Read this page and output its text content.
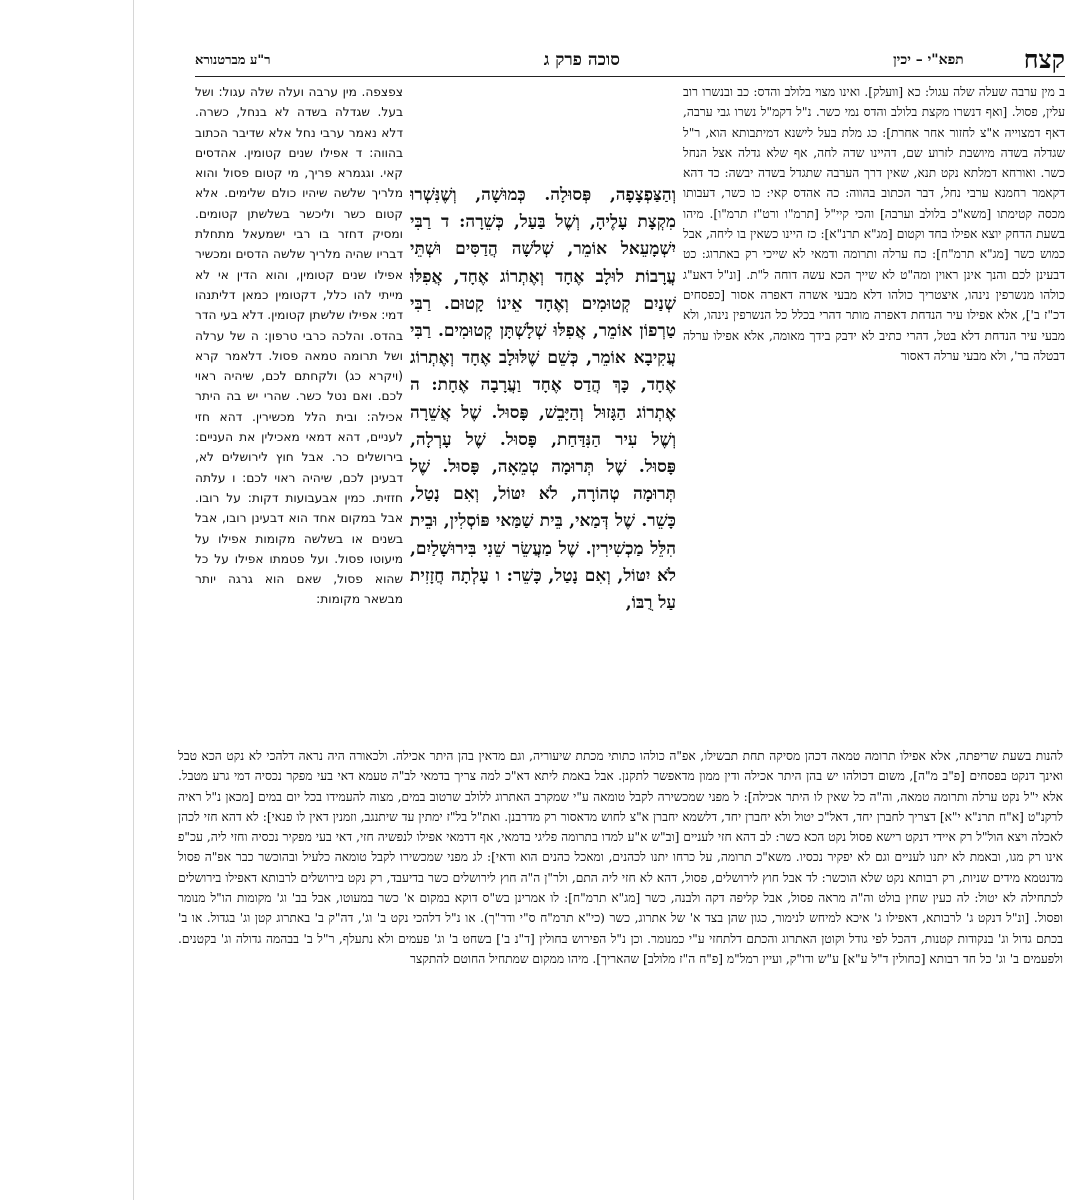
קצח
תפא"י – יכין
סוכה פרק ג
ר"ע מברטנורא
ב מין ערבה שעלה שלה עגול: כא [וועלק]. ואינו מצוי בלולב והדס: כב ובנשרו רוב עלין, פסול. [ואף דנשרו מקצת בלולב והדס נמי כשר. נ"ל דקמ"ל נשרו גבי ערבה, דאף דמצוייה א"צ לחזור אחר אחרת]: כג מלת בעל לישנא דמיתבותא הוא, ר"ל שגדלה בשדה מיושבת לזרוע שם, דהיינו שדה לחה, אף שלא גדלה אצל הנחל כשר. ואורחא דמלתא נקט תנא, שאין דרך הערבה שתגדל בשדה יבשה: כד דהא דקאמר רחמנא ערבי נחל, דבר הכתוב בהווה: כה אהדס קאי: כו כשר, דעבותו מכסה קטימתו [משא"כ בלולב וערבה] והכי קיי"ל [תרמ"ו ורט"ז תרמ"ו]. מיהו בשעת הדחק יוצא אפילו בחד וקטום [מג"א תרנ"א]: כז היינו כשאין בו ליחה, אבל כמוש כשר [מג"א תרמ"ח]: כח ערלה ותרומה ודמאי לא שייכי רק באתרוג: כט דבעינן לכם והנך אינן ראוין ומה"ט לא שייך הכא עשה דוחה ל"ת. [ונ"ל דאע"ג כולהו מנשרפין נינהו, איצטריך כולהו דלא מבעי אשרה דאפרה אסור [כפסחים דכ"ז ב'], אלא אפילו עיר הנדחת דאפרה מותר דהרי בכלל כל הנשרפין נינהו, ולא מבעי עיר הנדחת דלא בטל, דהרי כתיב לא ידבק בידך מאומה, אלא אפילו ערלה דבטלה בר', ולא מבעי ערלה דאסור
וְהַצַּפְצָפָה, פְּסוּלָה. כְּמוּשָׁה, וְשֶׁנִּשְׁרוּ מִקְצָת עָלֶיהָ, וְשֶׁל בַּעַל, כְּשֵׁרָה: ד רַבִּי יִשְׁמָעֵאל אוֹמֵר, שְׁלשָׁה הֲדַסִּים וּשְׁתֵּי עֲרָבוֹת לוּלָב אֶחָד וְאֶתְרוֹג אֶחָד, אֲפִלּוּ שְׁנַיִם קְטוּמִים וְאֶחָד אֵינוֹ קָטוּם. רַבִּי טַרְפוֹן אוֹמֵר, אֲפִלּוּ שְׁלָשְׁתָּן קְטוּמִים. רַבִּי עֲקִיבָא אוֹמֵר, כְּשֵׁם שֶׁלּוּלָב אֶחָד וְאֶתְרוֹג אֶחָד, כָּךְ הֲדַס אֶחָד וַעֲרָבָה אֶחָת: ה אֶתְרוֹג הַגָּזוּל וְהַיָּבֵשׁ, פָּסוּל. שֶׁל אֲשֵׁרָה וְשֶׁל עִיר הַנִּדַּחַת, פָּסוּל. שֶׁל עָרְלָה, פָּסוּל. שֶׁל תְּרוּמָה טְמֵאָה, פָּסוּל. שֶׁל תְּרוּמָה טְהוֹרָה, לֹא יִטּוֹל, וְאִם נָטַל, כָּשֵׁר. שֶׁל דְּמַאי, בֵּית שַׁמַּאי פּוֹסְלִין, וּבֵית הִלֵּל מַכְשִׁירִין. שֶׁל מַעֲשֵׂר שֵׁנִי בִּירוּשָׁלַיִם, לֹא יִטּוֹל, וְאִם נָטַל, כָּשֵׁר: ו עָלְתָה חֲזָזִית עַל רֻבּוֹ,
צפצפה. מין ערבה ועלה שלה עגול: ושל בעל. שגדלה בשדה לא בנחל, כשרה. דלא נאמר ערבי נחל אלא שדיבר הכתוב בהווה: ד אפילו שנים קטומין. אהדסים קאי. וגגמרא פריך, מי קטום פסול והוא מלריך שלשה שיהיו כולם שלימים. אלא קטום כשר וליכשר בשלשתן קטומים. ומסיק דחזר בו רבי ישמעאל מתחלת דבריו שהיה מלריך שלשה הדסים ומכשיר אפילו שנים קטומין, והוא הדין אי לא מייתי להו כלל, דקטומין כמאן דליתנהו דמי: אפילו שלשתן קטומין. דלא בעי הדר בהדס. והלכה כרבי טרפון: ה של ערלה ושל תרומה טמאה פסול. דלאמר קרא (ויקרא כג) ולקחתם לכם, שיהיה ראוי לכם. ואם נטל כשר. שהרי יש בה היתר אכילה: ובית הלל מכשירין. דהא חזי לעניים, דהא דמאי מאכילין את העניים: בירושלים כר. אבל חוץ לירושלים לא, דבעינן לכם, שיהיה ראוי לכם: ו עלתה חזזית. כמין אבעבועות דקות: על רובו. אבל במקום אחד הוא דבעינן רובו, אבל בשנים או בשלשה מקומות אפילו על מיעוטו פסול. ועל פטמתו אפילו על כל שהוא פסול, שאם הוא גרגה יותר מבשאר מקומות:
להנות בשעת שריפתה, אלא אפילו תרומה טמאה דכהן מסיקה תחת תבשילו, אפ"ה כולהו כתותי מכתת שיעוריה, וגם מדאין בהן היתר אכילה. ולכאורה היה נראה דלהכי לא נקט הכא טבל ואינך דנקט בפסחים [פ"ב מ"ה], משום דכולהו יש בהן היתר אכילה ודין ממון מדאפשר לתקנן. אבל באמת ליתא דא"כ למה צריך בדמאי לב"ה טעמא דאי בעי מפקר נכסיה דמי גרע מטבל. אלא י"ל נקט ערלה ותרומה טמאה, וה"ה כל שאין לו היתר אכילה]: ל מפני שמכשירה לקבל טומאה ע"י שמקרב האתרוג ללולב שרטוב במים, מצוה להעמידו בכל יום במים [מכאן נ"ל ראיה לרקנ"ט [א"ח תרנ"א י"א] דצריך לחברן יחד, דאל"כ יטול ולא יחברן יחד, דלשמא יחברן א"צ לחוש מדאסור רק מדרבנן. ואת"ל בל"ז ימתין עד שיתנגב, וזמנין דאין לו פנאי]: לא דהא חזי לכהן לאכלה ויצא הול"ל רק איידי דנקט רישא פסול נקט הכא כשר: לב דהא חזי לעניים [וב"ש א"ע למדו בתרומה פליגי בדמאי, אף דדמאי אפילו לנפשיה חזי, דאי בעי מפקיר נכסיה וחזי ליה, עכ"פ אינו רק מגו, ובאמת לא יתנו לעניים וגם לא יפקיר נכסיו. משא"כ תרומה, על כרחו יתנו לכהנים, ומאכל כהנים הוא ודאי]: לג מפני שמכשירו לקבל טומאה כלעיל ובהוכשר כבר אפ"ה פסול מדנטמא מידים שניות, רק רבותא נקט שלא הוכשר: לד אבל חוץ לירושלים, פסול, דהא לא חזי ליה התם, ולר"ן ה"ה חוץ לירושלים כשר בדיעבד, רק נקט בירושלים לרבותא דאפילו בירושלים לכתחילה לא יטול: לה כעין שחין בולט וה"ה מראה פסול, אבל קליפה דקה ולבנה, כשר [מג"א תרמ"ח]: לו אמרינן בש"ס דוקא במקום א' כשר במעוטו, אבל בב' וג' מקומות הו"ל מנומר ופסול. [ונ"ל דנקט ג' לרבותא, דאפילו ג' איכא למיחש לנימור, כגון שהן בצד א' של אתרוג, כשר (כי"א תרמ"ח ס"י ודר"ך). או נ"ל דלהכי נקט ב' וג', דה"ק ב' באתרוג קטן וג' בגדול. או ב' בכתם גדול וג' בנקודות קטנות, דהכל לפי גודל וקוטן האתרוג והכתם דלתחזי ע"י כמנומר. וכן נ"ל הפירוש בחולין [ד"נ ב'] בשחט ב' וג' פעמים ולא נתעלף, ר"ל ב' בבהמה גדולה וג' בקטנים. ולפעמים ב' וג' כל חד רבותא [כחולין ד"ל ע"א] ע"ש ודו"ק, ועיין רמל"מ [פ"ח ה"ז מלולב] שהאריך]. מיהו ממקום שמתחיל החוטם להתקצר
